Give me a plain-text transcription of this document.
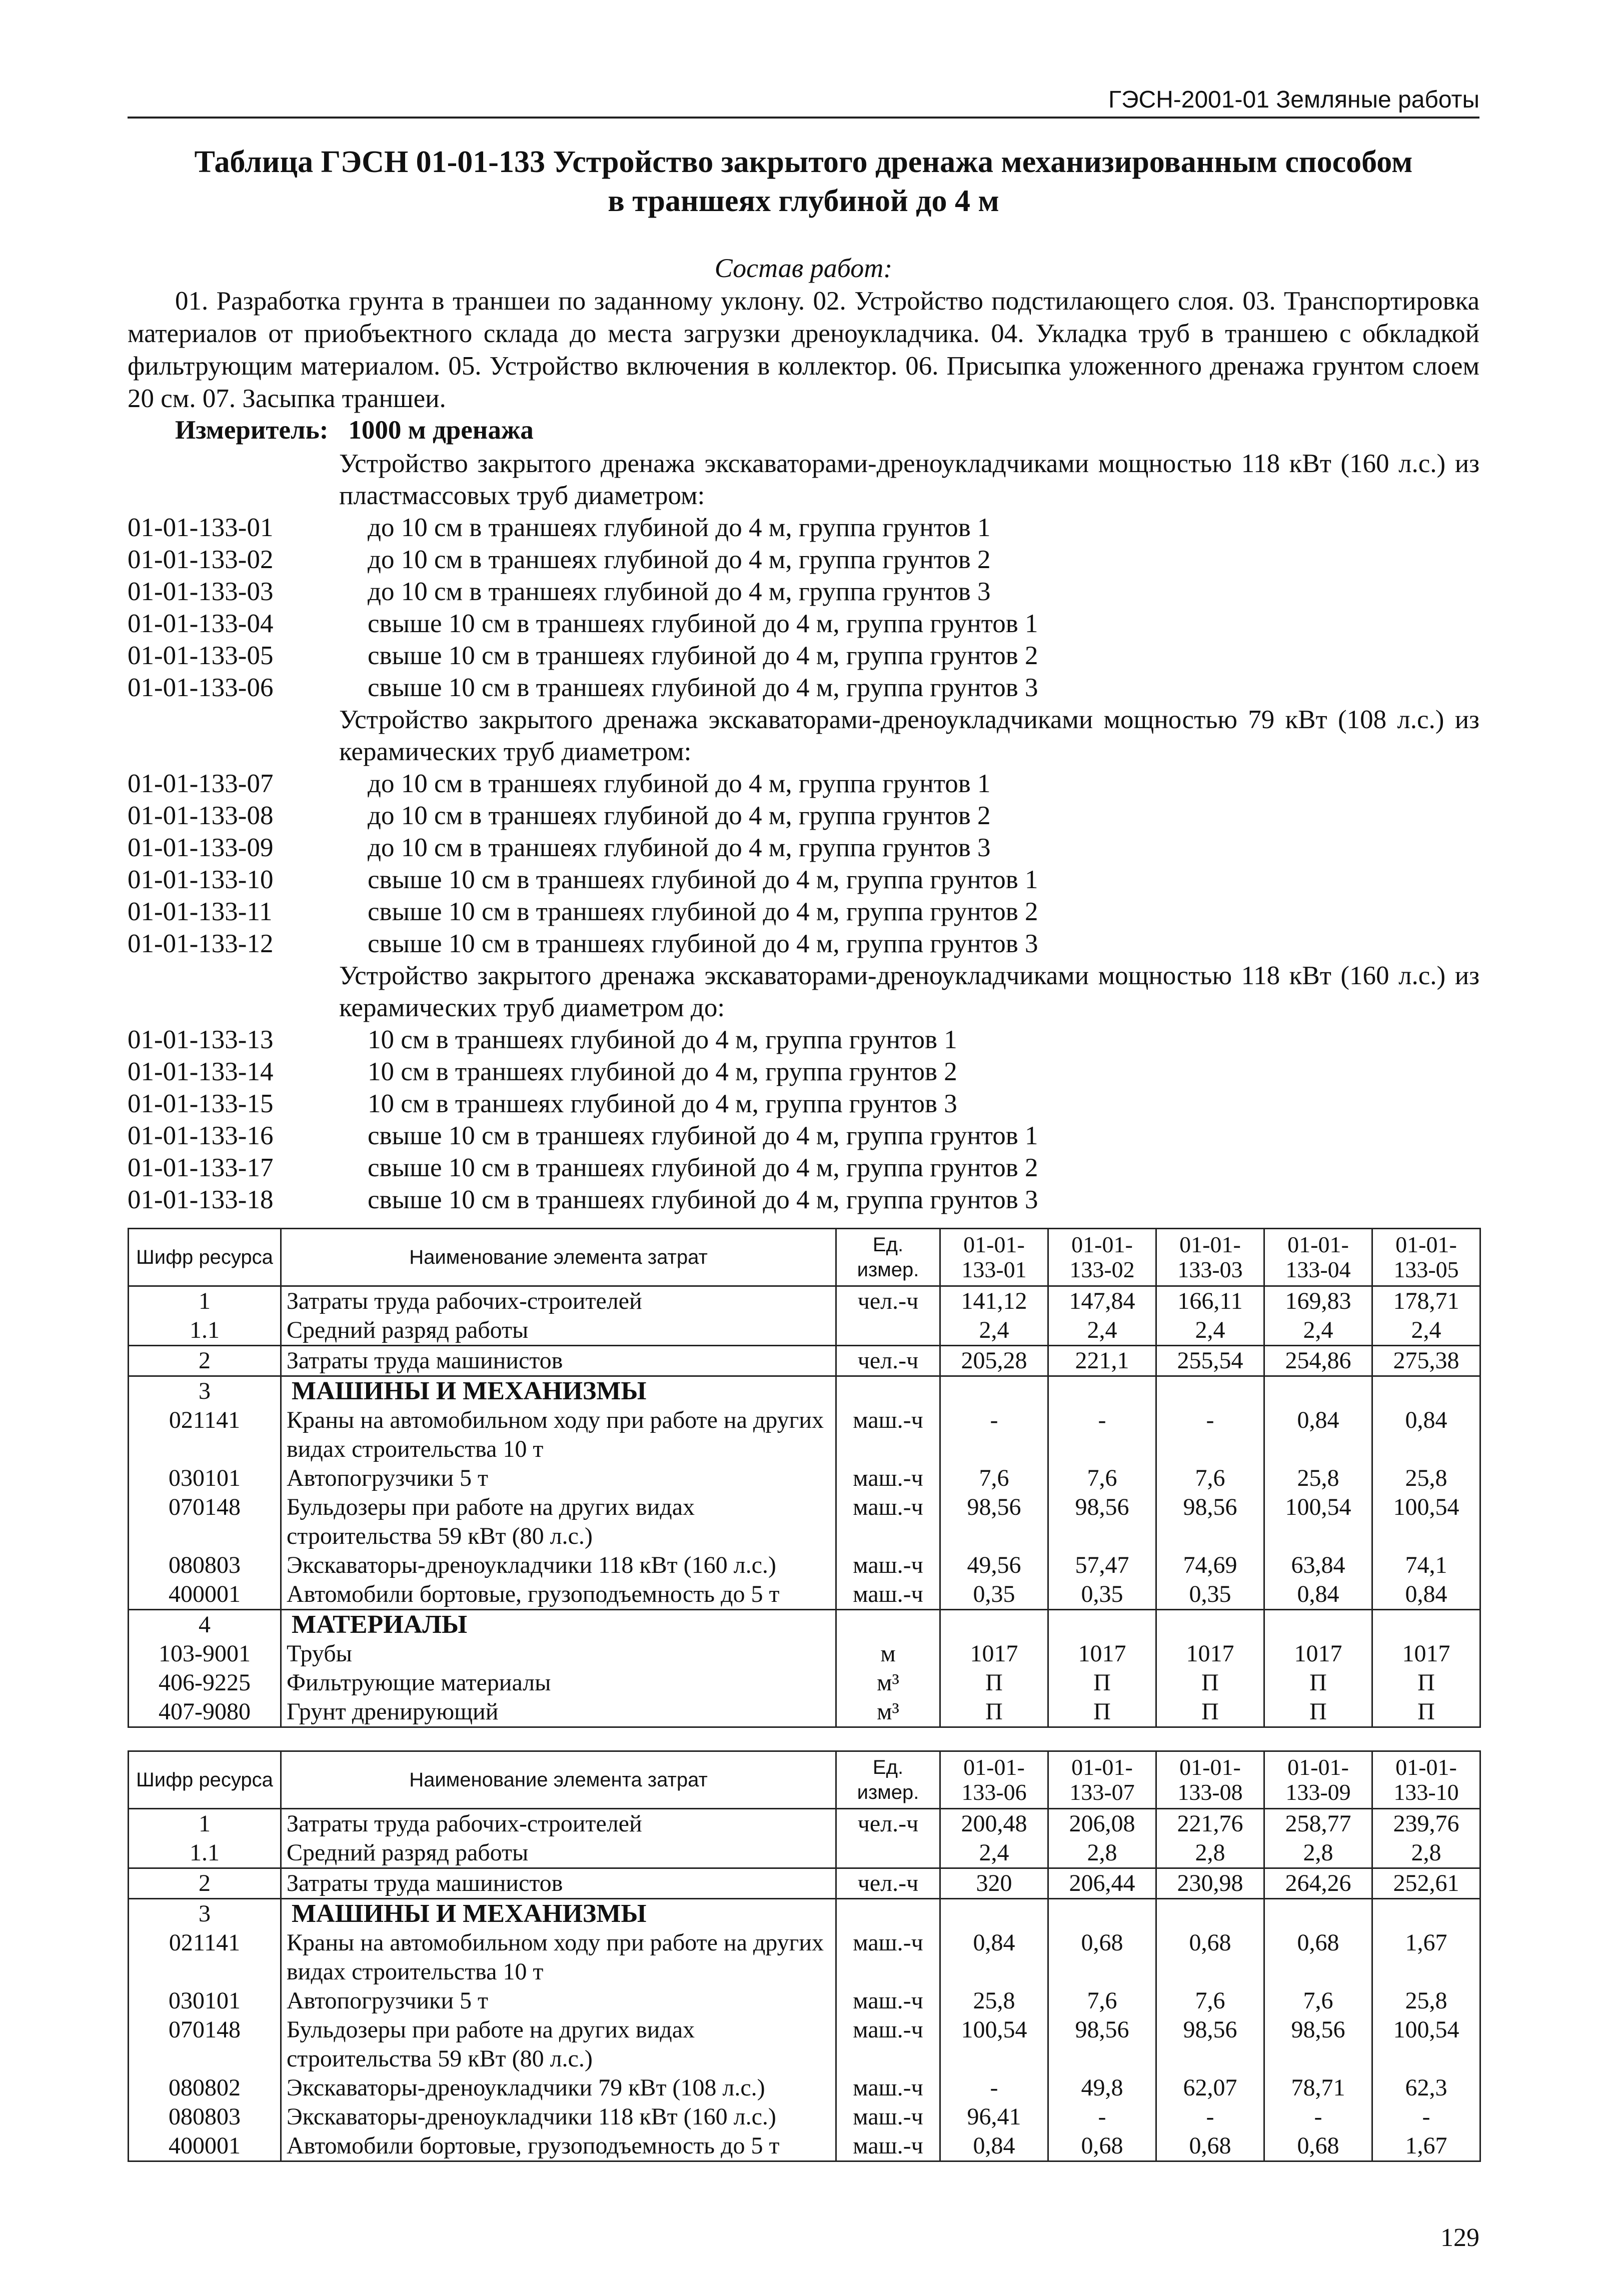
ГЭСН-2001-01 Земляные работы
Таблица ГЭСН 01-01-133 Устройство закрытого дренажа механизированным способом
в траншеях глубиной до 4 м
Состав работ:
01. Разработка грунта в траншеи по заданному уклону. 02. Устройство подстилающего слоя. 03. Транспортировка материалов от приобъектного склада до места загрузки дреноукладчика. 04. Укладка труб в траншею с обкладкой фильтрующим материалом. 05. Устройство включения в коллектор. 06. Присыпка уложенного дренажа грунтом слоем 20 см. 07. Засыпка траншеи.
Измеритель: 1000 м дренажа
Устройство закрытого дренажа экскаваторами-дреноукладчиками мощностью 118 кВт (160 л.с.) из пластмассовых труб диаметром:
01-01-133-01	до 10 см в траншеях глубиной до 4 м, группа грунтов 1
01-01-133-02	до 10 см в траншеях глубиной до 4 м, группа грунтов 2
01-01-133-03	до 10 см в траншеях глубиной до 4 м, группа грунтов 3
01-01-133-04	свыше 10 см в траншеях глубиной до 4 м, группа грунтов 1
01-01-133-05	свыше 10 см в траншеях глубиной до 4 м, группа грунтов 2
01-01-133-06	свыше 10 см в траншеях глубиной до 4 м, группа грунтов 3
Устройство закрытого дренажа экскаваторами-дреноукладчиками мощностью 79 кВт (108 л.с.) из керамических труб диаметром:
01-01-133-07	до 10 см в траншеях глубиной до 4 м, группа грунтов 1
01-01-133-08	до 10 см в траншеях глубиной до 4 м, группа грунтов 2
01-01-133-09	до 10 см в траншеях глубиной до 4 м, группа грунтов 3
01-01-133-10	свыше 10 см в траншеях глубиной до 4 м, группа грунтов 1
01-01-133-11	свыше 10 см в траншеях глубиной до 4 м, группа грунтов 2
01-01-133-12	свыше 10 см в траншеях глубиной до 4 м, группа грунтов 3
Устройство закрытого дренажа экскаваторами-дреноукладчиками мощностью 118 кВт (160 л.с.) из керамических труб диаметром до:
01-01-133-13	10 см в траншеях глубиной до 4 м, группа грунтов 1
01-01-133-14	10 см в траншеях глубиной до 4 м, группа грунтов 2
01-01-133-15	10 см в траншеях глубиной до 4 м, группа грунтов 3
01-01-133-16	свыше 10 см в траншеях глубиной до 4 м, группа грунтов 1
01-01-133-17	свыше 10 см в траншеях глубиной до 4 м, группа грунтов 2
01-01-133-18	свыше 10 см в траншеях глубиной до 4 м, группа грунтов 3
Шифр ресурса	Наименование элемента затрат	Ед. измер.	01-01-133-01	01-01-133-02	01-01-133-03	01-01-133-04	01-01-133-05
1	Затраты труда рабочих-строителей	чел.-ч	141,12	147,84	166,11	169,83	178,71
1.1	Средний разряд работы		2,4	2,4	2,4	2,4	2,4
2	Затраты труда машинистов	чел.-ч	205,28	221,1	255,54	254,86	275,38
3	МАШИНЫ И МЕХАНИЗМЫ						
021141	Краны на автомобильном ходу при работе на других видах строительства 10 т	маш.-ч	-	-	-	0,84	0,84
030101	Автопогрузчики 5 т	маш.-ч	7,6	7,6	7,6	25,8	25,8
070148	Бульдозеры при работе на других видах строительства 59 кВт (80 л.с.)	маш.-ч	98,56	98,56	98,56	100,54	100,54
080803	Экскаваторы-дреноукладчики 118 кВт (160 л.с.)	маш.-ч	49,56	57,47	74,69	63,84	74,1
400001	Автомобили бортовые, грузоподъемность до 5 т	маш.-ч	0,35	0,35	0,35	0,84	0,84
4	МАТЕРИАЛЫ						
103-9001	Трубы	м	1017	1017	1017	1017	1017
406-9225	Фильтрующие материалы	м³	П	П	П	П	П
407-9080	Грунт дренирующий	м³	П	П	П	П	П
Шифр ресурса	Наименование элемента затрат	Ед. измер.	01-01-133-06	01-01-133-07	01-01-133-08	01-01-133-09	01-01-133-10
1	Затраты труда рабочих-строителей	чел.-ч	200,48	206,08	221,76	258,77	239,76
1.1	Средний разряд работы		2,4	2,8	2,8	2,8	2,8
2	Затраты труда машинистов	чел.-ч	320	206,44	230,98	264,26	252,61
3	МАШИНЫ И МЕХАНИЗМЫ						
021141	Краны на автомобильном ходу при работе на других видах строительства 10 т	маш.-ч	0,84	0,68	0,68	0,68	1,67
030101	Автопогрузчики 5 т	маш.-ч	25,8	7,6	7,6	7,6	25,8
070148	Бульдозеры при работе на других видах строительства 59 кВт (80 л.с.)	маш.-ч	100,54	98,56	98,56	98,56	100,54
080802	Экскаваторы-дреноукладчики 79 кВт (108 л.с.)	маш.-ч	-	49,8	62,07	78,71	62,3
080803	Экскаваторы-дреноукладчики 118 кВт (160 л.с.)	маш.-ч	96,41	-	-	-	-
400001	Автомобили бортовые, грузоподъемность до 5 т	маш.-ч	0,84	0,68	0,68	0,68	1,67
129
